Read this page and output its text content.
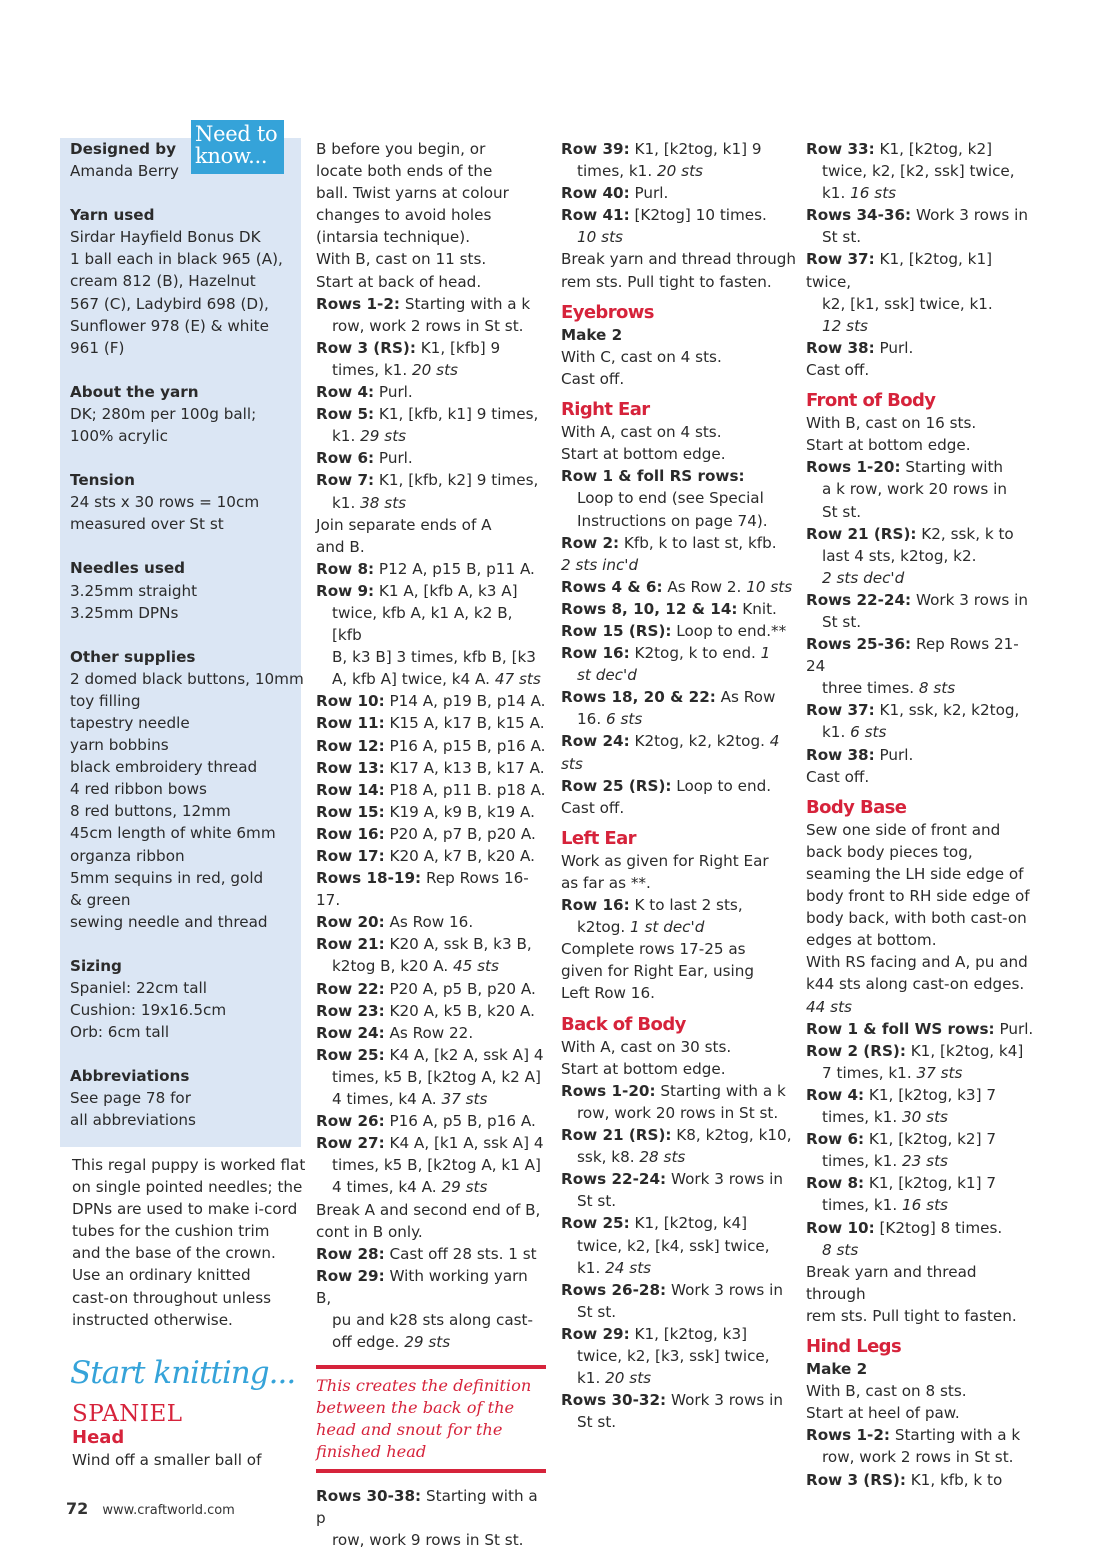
Designed by
Amanda Berry
Yarn used
Sirdar Hayfield Bonus DK
1 ball each in black 965 (A),
cream 812 (B), Hazelnut
567 (C), Ladybird 698 (D),
Sunflower 978 (E) & white
961 (F)
About the yarn
DK; 280m per 100g ball;
100% acrylic
Tension
24 sts x 30 rows = 10cm
measured over St st
Needles used
3.25mm straight
3.25mm DPNs
Other supplies
2 domed black buttons, 10mm
toy filling
tapestry needle
yarn bobbins
black embroidery thread
4 red ribbon bows
8 red buttons, 12mm
45cm length of white 6mm
organza ribbon
5mm sequins in red, gold
& green
sewing needle and thread
Sizing
Spaniel: 22cm tall
Cushion: 19x16.5cm
Orb: 6cm tall
Abbreviations
See page 78 for
all abbreviations
This regal puppy is worked flat
on single pointed needles; the
DPNs are used to make i-cord
tubes for the cushion trim
and the base of the crown.
Use an ordinary knitted
cast-on throughout unless
instructed otherwise.
Start knitting...
SPANIEL
Head
Wind off a smaller ball of
Need to know...	B before you begin, or
locate both ends of the
ball. Twist yarns at colour
changes to avoid holes
(intarsia technique).
With B, cast on 11 sts.
Start at back of head.
Rows 1-2: Starting with a k
row, work 2 rows in St st.
Row 3 (RS): K1, [kfb] 9
times, k1. 20 sts
Row 4: Purl.
Row 5: K1, [kfb, k1] 9 times,
k1. 29 sts
Row 6: Purl.
Row 7: K1, [kfb, k2] 9 times,
k1. 38 sts
Join separate ends of A
and B.
Row 8: P12 A, p15 B, p11 A.
Row 9: K1 A, [kfb A, k3 A]
twice, kfb A, k1 A, k2 B, [kfb
B, k3 B] 3 times, kfb B, [k3
A, kfb A] twice, k4 A. 47 sts
Row 10: P14 A, p19 B, p14 A.
Row 11: K15 A, k17 B, k15 A.
Row 12: P16 A, p15 B, p16 A.
Row 13: K17 A, k13 B, k17 A.
Row 14: P18 A, p11 B. p18 A.
Row 15: K19 A, k9 B, k19 A.
Row 16: P20 A, p7 B, p20 A.
Row 17: K20 A, k7 B, k20 A.
Rows 18-19: Rep Rows 16-17.
Row 20: As Row 16.
Row 21: K20 A, ssk B, k3 B,
k2tog B, k20 A. 45 sts
Row 22: P20 A, p5 B, p20 A.
Row 23: K20 A, k5 B, k20 A.
Row 24: As Row 22.
Row 25: K4 A, [k2 A, ssk A] 4
times, k5 B, [k2tog A, k2 A]
4 times, k4 A. 37 sts
Row 26: P16 A, p5 B, p16 A.
Row 27: K4 A, [k1 A, ssk A] 4
times, k5 B, [k2tog A, k1 A]
4 times, k4 A. 29 sts
Break A and second end of B,
cont in B only.
Row 28: Cast off 28 sts. 1 st
Row 29: With working yarn B,
pu and k28 sts along cast-
off edge. 29 sts
This creates the definition between the back of the head and snout for the finished head
Rows 30-38: Starting with a p
row, work 9 rows in St st.
Row 39: K1, [k2tog, k1] 9
times, k1. 20 sts
Row 40: Purl.
Row 41: [K2tog] 10 times.
10 sts
Break yarn and thread through
rem sts. Pull tight to fasten.
Eyebrows
Make 2
With C, cast on 4 sts.
Cast off.
Right Ear
With A, cast on 4 sts.
Start at bottom edge.
Row 1 & foll RS rows:
Loop to end (see Special
Instructions on page 74).
Row 2: Kfb, k to last st, kfb.
2 sts inc'd
Rows 4 & 6: As Row 2. 10 sts
Rows 8, 10, 12 & 14: Knit.
Row 15 (RS): Loop to end.**
Row 16: K2tog, k to end. 1
st dec'd
Rows 18, 20 & 22: As Row
16. 6 sts
Row 24: K2tog, k2, k2tog. 4 sts
Row 25 (RS): Loop to end.
Cast off.
Left Ear
Work as given for Right Ear
as far as **.
Row 16: K to last 2 sts,
k2tog. 1 st dec'd
Complete rows 17-25 as
given for Right Ear, using
Left Row 16.
Back of Body
With A, cast on 30 sts.
Start at bottom edge.
Rows 1-20: Starting with a k
row, work 20 rows in St st.
Row 21 (RS): K8, k2tog, k10,
ssk, k8. 28 sts
Rows 22-24: Work 3 rows in
St st.
Row 25: K1, [k2tog, k4]
twice, k2, [k4, ssk] twice,
k1. 24 sts
Rows 26-28: Work 3 rows in
St st.
Row 29: K1, [k2tog, k3]
twice, k2, [k3, ssk] twice,
k1. 20 sts
Rows 30-32: Work 3 rows in
St st.
Row 33: K1, [k2tog, k2]
twice, k2, [k2, ssk] twice,
k1. 16 sts
Rows 34-36: Work 3 rows in
St st.
Row 37: K1, [k2tog, k1] twice,
k2, [k1, ssk] twice, k1.
12 sts
Row 38: Purl.
Cast off.
Front of Body
With B, cast on 16 sts.
Start at bottom edge.
Rows 1-20: Starting with
a k row, work 20 rows in
St st.
Row 21 (RS): K2, ssk, k to
last 4 sts, k2tog, k2.
2 sts dec'd
Rows 22-24: Work 3 rows in
St st.
Rows 25-36: Rep Rows 21-24
three times. 8 sts
Row 37: K1, ssk, k2, k2tog,
k1. 6 sts
Row 38: Purl.
Cast off.
Body Base
Sew one side of front and
back body pieces tog,
seaming the LH side edge of
body front to RH side edge of
body back, with both cast-on
edges at bottom.
With RS facing and A, pu and
k44 sts along cast-on edges.
44 sts
Row 1 & foll WS rows: Purl.
Row 2 (RS): K1, [k2tog, k4]
7 times, k1. 37 sts
Row 4: K1, [k2tog, k3] 7
times, k1. 30 sts
Row 6: K1, [k2tog, k2] 7
times, k1. 23 sts
Row 8: K1, [k2tog, k1] 7
times, k1. 16 sts
Row 10: [K2tog] 8 times.
8 sts
Break yarn and thread through
rem sts. Pull tight to fasten.
Hind Legs
Make 2
With B, cast on 8 sts.
Start at heel of paw.
Rows 1-2: Starting with a k
row, work 2 rows in St st.
Row 3 (RS): K1, kfb, k to
72 www.craftworld.com
